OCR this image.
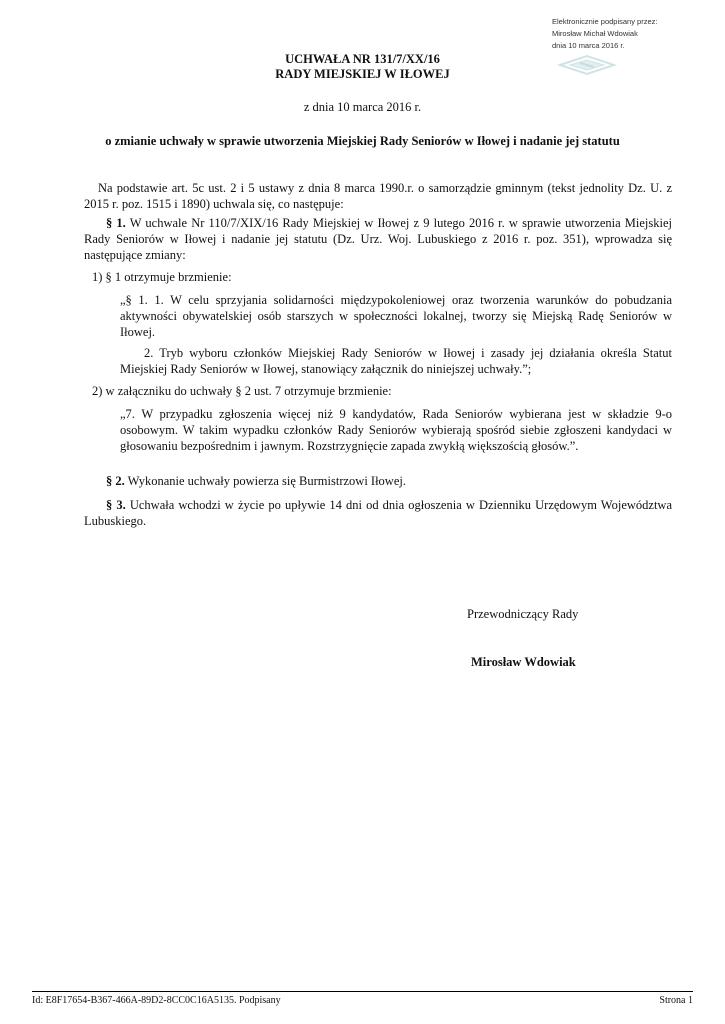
Elektronicznie podpisany przez:
Mirosław Michał Wdowiak
dnia 10 marca 2016 r.
UCHWAŁA NR 131/7/XX/16
RADY MIEJSKIEJ W IŁOWEJ
z dnia 10 marca 2016 r.
o zmianie uchwały w sprawie utworzenia Miejskiej Rady Seniorów w Iłowej i nadanie jej statutu
Na podstawie art. 5c ust. 2 i 5 ustawy z dnia 8 marca 1990.r. o samorządzie gminnym (tekst jednolity Dz. U. z 2015 r. poz. 1515 i 1890) uchwala się, co następuje:
§ 1. W uchwale Nr 110/7/XIX/16 Rady Miejskiej w Iłowej z 9 lutego 2016 r. w sprawie utworzenia Miejskiej Rady Seniorów w Iłowej i nadanie jej statutu (Dz. Urz. Woj. Lubuskiego z 2016 r. poz. 351), wprowadza się następujące zmiany:
1) § 1 otrzymuje brzmienie:
„§ 1. 1. W celu sprzyjania solidarności międzypokoleniowej oraz tworzenia warunków do pobudzania aktywności obywatelskiej osób starszych w społeczności lokalnej, tworzy się Miejską Radę Seniorów w Iłowej.
2. Tryb wyboru członków Miejskiej Rady Seniorów w Iłowej i zasady jej działania określa Statut Miejskiej Rady Seniorów w Iłowej, stanowiący załącznik do niniejszej uchwały.”;
2) w załączniku do uchwały § 2 ust. 7 otrzymuje brzmienie:
„7. W przypadku zgłoszenia więcej niż 9 kandydatów, Rada Seniorów wybierana jest w składzie 9-o osobowym. W takim wypadku członków Rady Seniorów wybierają spośród siebie zgłoszeni kandydaci w głosowaniu bezpośrednim i jawnym. Rozstrzygnięcie zapada zwykłą większością głosów.”.
§ 2. Wykonanie uchwały powierza się Burmistrzowi Iłowej.
§ 3. Uchwała wchodzi w życie po upływie 14 dni od dnia ogłoszenia w Dzienniku Urzędowym Województwa Lubuskiego.
Przewodniczący Rady
Mirosław Wdowiak
Id: E8F17654-B367-466A-89D2-8CC0C16A5135. Podpisany	Strona 1
